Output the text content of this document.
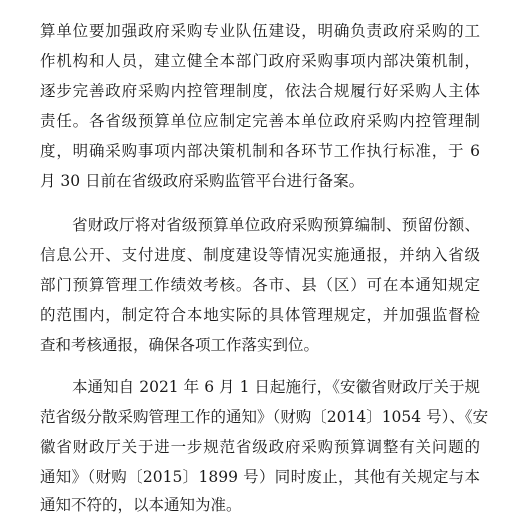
算单位要加强政府采购专业队伍建设，明确负责政府采购的工
作机构和人员，建立健全本部门政府采购事项内部决策机制，
逐步完善政府采购内控管理制度，依法合规履行好采购人主体
责任。各省级预算单位应制定完善本单位政府采购内控管理制
度，明确采购事项内部决策机制和各环节工作执行标准，于 6
月 30 日前在省级政府采购监管平台进行备案。
省财政厅将对省级预算单位政府采购预算编制、预留份额、
信息公开、支付进度、制度建设等情况实施通报，并纳入省级
部门预算管理工作绩效考核。各市、县（区）可在本通知规定
的范围内，制定符合本地实际的具体管理规定，并加强监督检
查和考核通报，确保各项工作落实到位。
本通知自 2021 年 6 月 1 日起施行，《安徽省财政厅关于规
范省级分散采购管理工作的通知》（财购〔2014〕1054 号）、《安
徽省财政厅关于进一步规范省级政府采购预算调整有关问题的
通知》（财购〔2015〕1899 号）同时废止，其他有关规定与本
通知不符的，以本通知为准。
